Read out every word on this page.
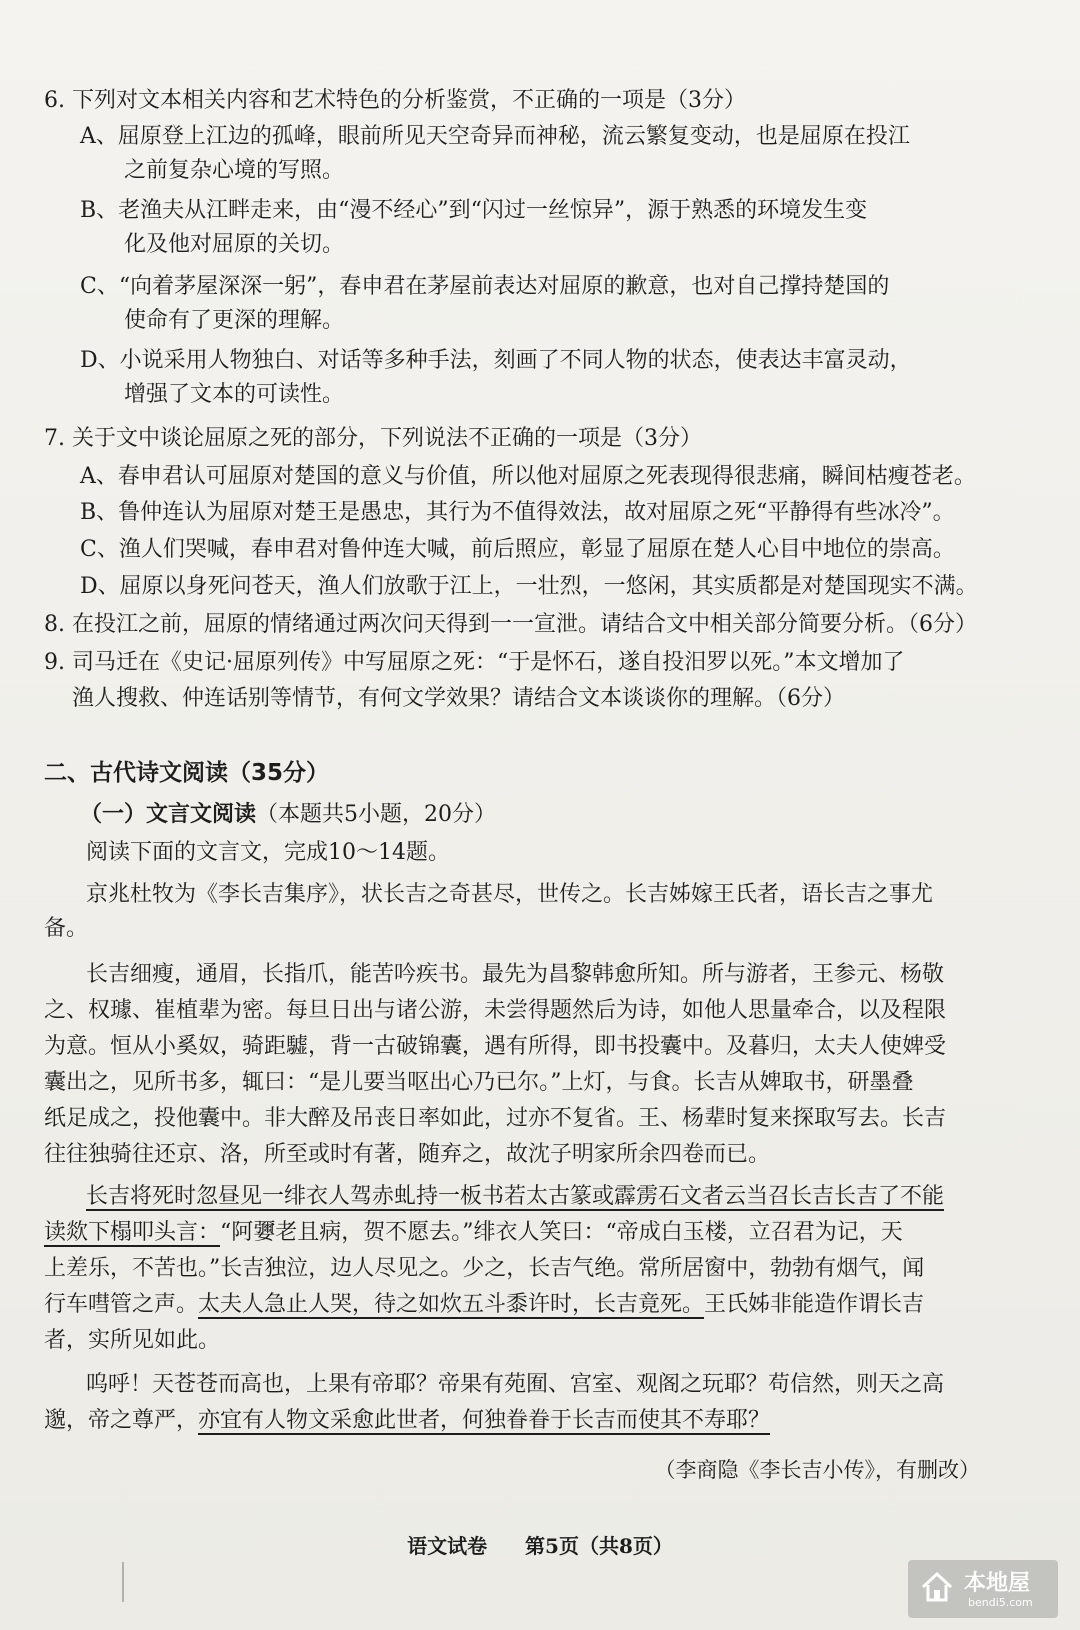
6. 下列对文本相关内容和艺术特色的分析鉴赏，不正确的一项是（3分）
A、屈原登上江边的孤峰，眼前所见天空奇异而神秘，流云繁复变动，也是屈原在投江
之前复杂心境的写照。
B、老渔夫从江畔走来，由“漫不经心”到“闪过一丝惊异”，源于熟悉的环境发生变
化及他对屈原的关切。
C、“向着茅屋深深一躬”，春申君在茅屋前表达对屈原的歉意，也对自己撑持楚国的
使命有了更深的理解。
D、小说采用人物独白、对话等多种手法，刻画了不同人物的状态，使表达丰富灵动，
增强了文本的可读性。
7. 关于文中谈论屈原之死的部分，下列说法不正确的一项是（3分）
A、春申君认可屈原对楚国的意义与价值，所以他对屈原之死表现得很悲痛，瞬间枯瘦苍老。
B、鲁仲连认为屈原对楚王是愚忠，其行为不值得效法，故对屈原之死“平静得有些冰冷”。
C、渔人们哭喊，春申君对鲁仲连大喊，前后照应，彰显了屈原在楚人心目中地位的崇高。
D、屈原以身死问苍天，渔人们放歌于江上，一壮烈，一悠闲，其实质都是对楚国现实不满。
8. 在投江之前，屈原的情绪通过两次问天得到一一宣泄。请结合文中相关部分简要分析。（6分）
9. 司马迁在《史记·屈原列传》中写屈原之死：“于是怀石，遂自投汨罗以死。”本文增加了
渔人搜救、仲连话别等情节，有何文学效果？请结合文本谈谈你的理解。（6分）
二、古代诗文阅读（35分）
（一）文言文阅读（本题共5小题，20分）
阅读下面的文言文，完成10～14题。
京兆杜牧为《李长吉集序》，状长吉之奇甚尽，世传之。长吉姊嫁王氏者，语长吉之事尤
备。
长吉细瘦，通眉，长指爪，能苦吟疾书。最先为昌黎韩愈所知。所与游者，王参元、杨敬
之、权璩、崔植辈为密。每旦日出与诸公游，未尝得题然后为诗，如他人思量牵合，以及程限
为意。恒从小奚奴，骑距驉，背一古破锦囊，遇有所得，即书投囊中。及暮归，太夫人使婢受
囊出之，见所书多，辄曰：“是儿要当呕出心乃已尔。”上灯，与食。长吉从婢取书，研墨叠
纸足成之，投他囊中。非大醉及吊丧日率如此，过亦不复省。王、杨辈时复来探取写去。长吉
往往独骑往还京、洛，所至或时有著，随弃之，故沈子明家所余四卷而已。
长吉将死时忽昼见一绯衣人驾赤虬持一板书若太古篆或霹雳石文者云当召长吉长吉了不能
读欻下榻叩头言：“阿㜷老且病，贺不愿去。”绯衣人笑曰：“帝成白玉楼，立召君为记，天
上差乐，不苦也。”长吉独泣，边人尽见之。少之，长吉气绝。常所居窗中，勃勃有烟气，闻
行车嘒管之声。太夫人急止人哭，待之如炊五斗黍许时，长吉竟死。王氏姊非能造作谓长吉
者，实所见如此。
呜呼！天苍苍而高也，上果有帝耶？帝果有苑囿、宫室、观阁之玩耶？苟信然，则天之高
邈，帝之尊严，亦宜有人物文采愈此世者，何独眷眷于长吉而使其不寿耶？
（李商隐《李长吉小传》，有删改）
语文试卷 第5页（共8页）
本地屋
bendi5.com
